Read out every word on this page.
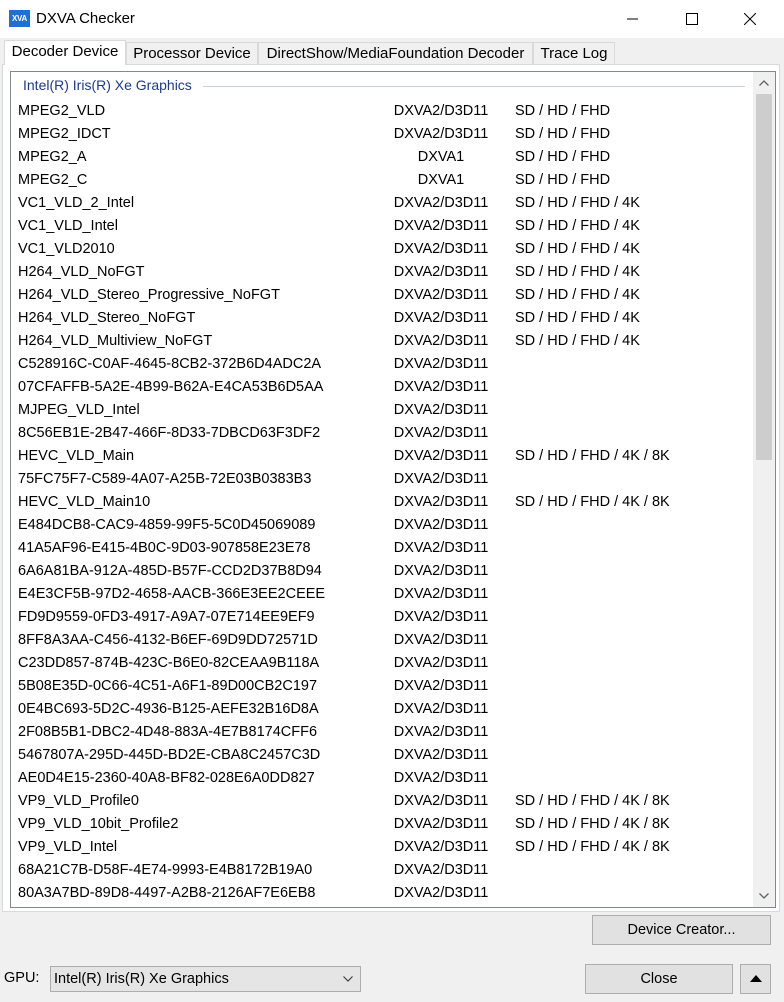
XVA DXVA Checker
Decoder Device Processor Device	DirectShow/MediaFoundation Decoder	Trace Log
Intel(R) Iris(R) Xe Graphics
MPEG2_VLD	DXVA2/D3D11	SD / HD / FHD
MPEG2_IDCT	DXVA2/D3D11	SD / HD / FHD
MPEG2_A	DXVA1	SD / HD / FHD
MPEG2_C	DXVA1	SD / HD / FHD
VC1_VLD_2_Intel	DXVA2/D3D11	SD / HD / FHD / 4K
VC1_VLD_Intel	DXVA2/D3D11	SD / HD / FHD / 4K
VC1_VLD2010	DXVA2/D3D11	SD / HD / FHD / 4K
H264_VLD_NoFGT	DXVA2/D3D11	SD / HD / FHD / 4K
H264_VLD_Stereo_Progressive_NoFGT	DXVA2/D3D11	SD / HD / FHD / 4K
H264_VLD_Stereo_NoFGT	DXVA2/D3D11	SD / HD / FHD / 4K
H264_VLD_Multiview_NoFGT	DXVA2/D3D11	SD / HD / FHD / 4K
C528916C-C0AF-4645-8CB2-372B6D4ADC2A	DXVA2/D3D11
07CFAFFB-5A2E-4B99-B62A-E4CA53B6D5AA	DXVA2/D3D11
MJPEG_VLD_Intel	DXVA2/D3D11
8C56EB1E-2B47-466F-8D33-7DBCD63F3DF2	DXVA2/D3D11
HEVC_VLD_Main	DXVA2/D3D11	SD / HD / FHD / 4K / 8K
75FC75F7-C589-4A07-A25B-72E03B0383B3	DXVA2/D3D11
HEVC_VLD_Main10	DXVA2/D3D11	SD / HD / FHD / 4K / 8K
E484DCB8-CAC9-4859-99F5-5C0D45069089	DXVA2/D3D11
41A5AF96-E415-4B0C-9D03-907858E23E78	DXVA2/D3D11
6A6A81BA-912A-485D-B57F-CCD2D37B8D94	DXVA2/D3D11
E4E3CF5B-97D2-4658-AACB-366E3EE2CEEE	DXVA2/D3D11
FD9D9559-0FD3-4917-A9A7-07E714EE9EF9	DXVA2/D3D11
8FF8A3AA-C456-4132-B6EF-69D9DD72571D	DXVA2/D3D11
C23DD857-874B-423C-B6E0-82CEAA9B118A	DXVA2/D3D11
5B08E35D-0C66-4C51-A6F1-89D00CB2C197	DXVA2/D3D11
0E4BC693-5D2C-4936-B125-AEFE32B16D8A	DXVA2/D3D11
2F08B5B1-DBC2-4D48-883A-4E7B8174CFF6	DXVA2/D3D11
5467807A-295D-445D-BD2E-CBA8C2457C3D	DXVA2/D3D11
AE0D4E15-2360-40A8-BF82-028E6A0DD827	DXVA2/D3D11
VP9_VLD_Profile0	DXVA2/D3D11	SD / HD / FHD / 4K / 8K
VP9_VLD_10bit_Profile2	DXVA2/D3D11	SD / HD / FHD / 4K / 8K
VP9_VLD_Intel	DXVA2/D3D11	SD / HD / FHD / 4K / 8K
68A21C7B-D58F-4E74-9993-E4B8172B19A0	DXVA2/D3D11
80A3A7BD-89D8-4497-A2B8-2126AF7E6EB8	DXVA2/D3D11
Device Creator...
GPU: Intel(R) Iris(R) Xe Graphics	Close
